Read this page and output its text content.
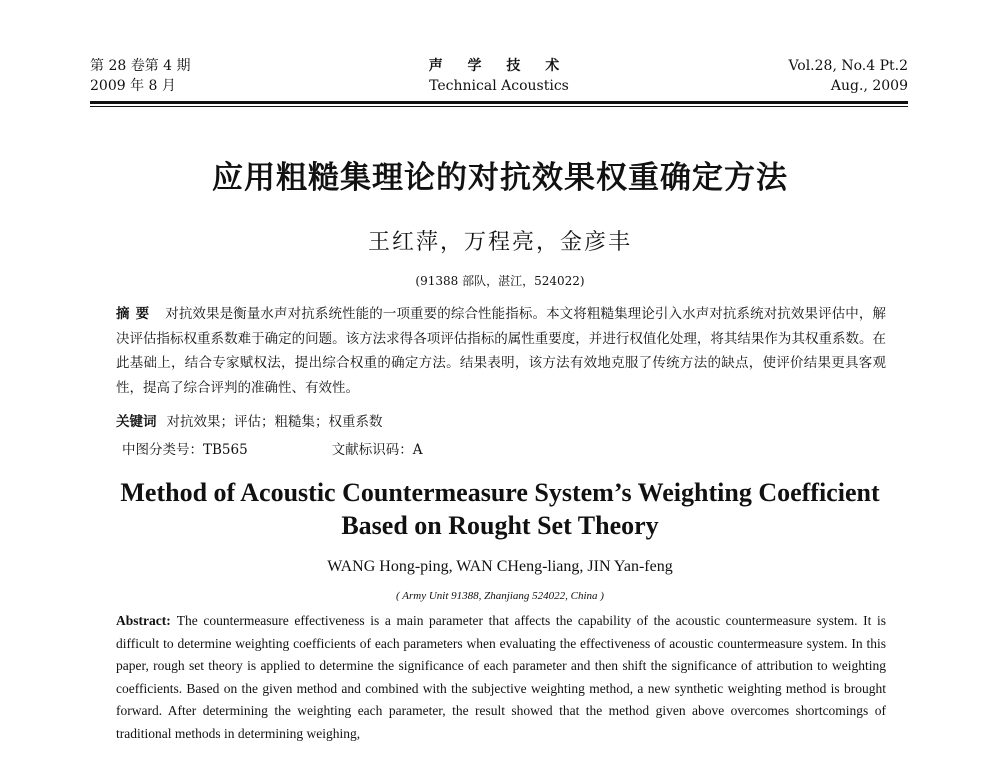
第 28 卷第 4 期
2009 年 8 月
声 学 技 术
Technical Acoustics
Vol.28, No.4 Pt.2
Aug., 2009
应用粗糙集理论的对抗效果权重确定方法
王红萍，万程亮，金彦丰
(91388 部队，湛江，524022)
摘要 对抗效果是衡量水声对抗系统性能的一项重要的综合性能指标。本文将粗糙集理论引入水声对抗系统对抗效果评估中，解决评估指标权重系数难于确定的问题。该方法求得各项评估指标的属性重要度，并进行权值化处理，将其结果作为其权重系数。在此基础上，结合专家赋权法，提出综合权重的确定方法。结果表明，该方法有效地克服了传统方法的缺点，使评价结果更具客观性，提高了综合评判的准确性、有效性。
关键词 对抗效果；评估；粗糙集；权重系数
中图分类号：TB565	文献标识码：A
Method of Acoustic Countermeasure System’s Weighting Coefficient
Based on Rought Set Theory
WANG Hong-ping, WAN CHeng-liang, JIN Yan-feng
( Army Unit 91388, Zhanjiang 524022, China )
Abstract: The countermeasure effectiveness is a main parameter that affects the capability of the acoustic countermeasure system. It is difficult to determine weighting coefficients of each parameters when evaluating the effectiveness of acoustic countermeasure system. In this paper, rough set theory is applied to determine the significance of each parameter and then shift the significance of attribution to weighting coefficients. Based on the given method and combined with the subjective weighting method, a new synthetic weighting method is brought forward. After determining the weighting each parameter, the result showed that the method given above overcomes shortcomings of traditional methods in determining weighing,
